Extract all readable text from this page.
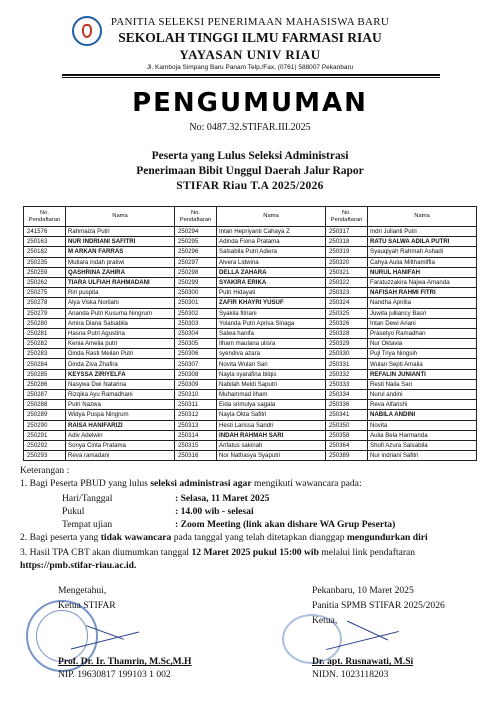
PANITIA SELEKSI PENERIMAAN MAHASISWA BARU
SEKOLAH TINGGI ILMU FARMASI RIAU
YAYASAN UNIV RIAU
Jl. Kamboja Simpang Baru Panam Telp./Fax. (0761) 588007 Pekanbaru
PENGUMUMAN
No: 0487.32.STIFAR.III.2025
Peserta yang Lulus Seleksi Administrasi
Penerimaan Bibit Unggul Daerah Jalur Rapor
STIFAR Riau T.A 2025/2026
No. Pendaftaran	Nama	No. Pendaftaran	Nama	No. Pendaftaran	Nama
241576	Rahmaiza Putri	250294	Intan Hepriyanti Cahaya Z	250317	Indri Julianti Putri
250163	NUR INDRIANI SAFITRI	250295	Adinda Fiona Pratama	250318	RATU SALWA ADILA PUTRI
250182	M ARKAN FARRAS	250296	Salsabila Putri Adiera	250319	Syauqiyah Rahmah Ashadi
250235	Mutiara indah pratiwi	250297	Alvera Lidwina	250320	Cahya Aulia Milthamiffia
250259	QASHRINA ZAHIRA	250298	DELLA ZAHARA	250321	NURUL HANIFAH
250262	TIARA ULFIAH RAHMADANI	250299	SYAKIRA ERIKA	250322	Faratuzzakira Najwa Amanda
250275	Riri puspita	250300	Putri Hidayati	250323	NAFISAH RAHMI FITRI
250278	Alya Viska Norilahi	250301	ZAFIR KHAYRI YUSUF	250324	Nandha Aprillia
250279	Ananda Putri Kusuma Ningrum	250302	Syakila fitriani	250325	Juwita julliancy Basri
250280	Amira Diana Salsabila	250303	Yolanda Putri Aprisa Sinaga	250326	Intan Dewi Ariani
250281	Hasna Putri Agustina	250304	Salwa hanifa	250328	Prasetyo Ramadhan
250282	Kenia Amelia putri	250305	Ilham maulana ulisra	250329	Nur Oktavia
250283	Dinda Rasti Meilan Putri	250306	syendiva azara	250330	Pujl Triya Ningsih
250284	Dinda Ziva Zhafira	250307	Novita Wulan Sari	250331	Wulan Septi Amalia
250285	KEYSSA ZIRIYELFA	250308	Nayla syarafina bilqis	250332	REFALIN JUNIANTI
250286	Nasywa Dwi Natarina	250309	Nabilah Meldi Saputri	250333	Resti Naila Sari
250287	Rizqika Ayu Ramadhani	250310	Muhammad ilham	250334	Nurul andini
250288	Putri Nazwa	250311	Eida srimulya sagala	250336	Reva Alfarishi
250289	Widya Puspa Ningrum	250312	Nayla Okta Safitri	250341	NABILA ANDINI
250290	RAISA HANIFARIZI	250313	Hesti Larissa Sandri	250350	Novita
250291	Adiv Adelwin	250314	INDAH RAHMAH SARI	250358	Aulia Bela Harmanda
250292	Sonya Cinta Pratama	250315	Arifatus sakinah	250364	Shofi Azura Salsabila
250293	Reva ramadani	250316	Nor Nathasya Syaputri	250389	Nur indriani Safitri
Keterangan :
1. Bagi Peserta PBUD yang lulus seleksi administrasi agar mengikuti wawancara pada:
Hari/Tanggal	: Selasa, 11 Maret 2025
Pukul	: 14.00 wib - selesai
Tempat ujian	: Zoom Meeting (link akan dishare WA Grup Peserta)
2. Bagi peserta yang tidak wawancara pada tanggal yang telah ditetapkan dianggap mengundurkan diri
3. Hasil TPA CBT akan diumumkan tanggal 12 Maret 2025 pukul 15:00 wib melalui link pendaftaran
https://pmb.stifar-riau.ac.id.
Mengetahui,
Ketua STIFAR
Prof. Dr. Ir. Thamrin, M.Sc,M.H
NIP. 19630817 199103 1 002
Pekanbaru, 10 Maret 2025
Panitia SPMB STIFAR 2025/2026
Ketua,
Dr. apt. Rusnawati, M.Si
NIDN. 1023118203
